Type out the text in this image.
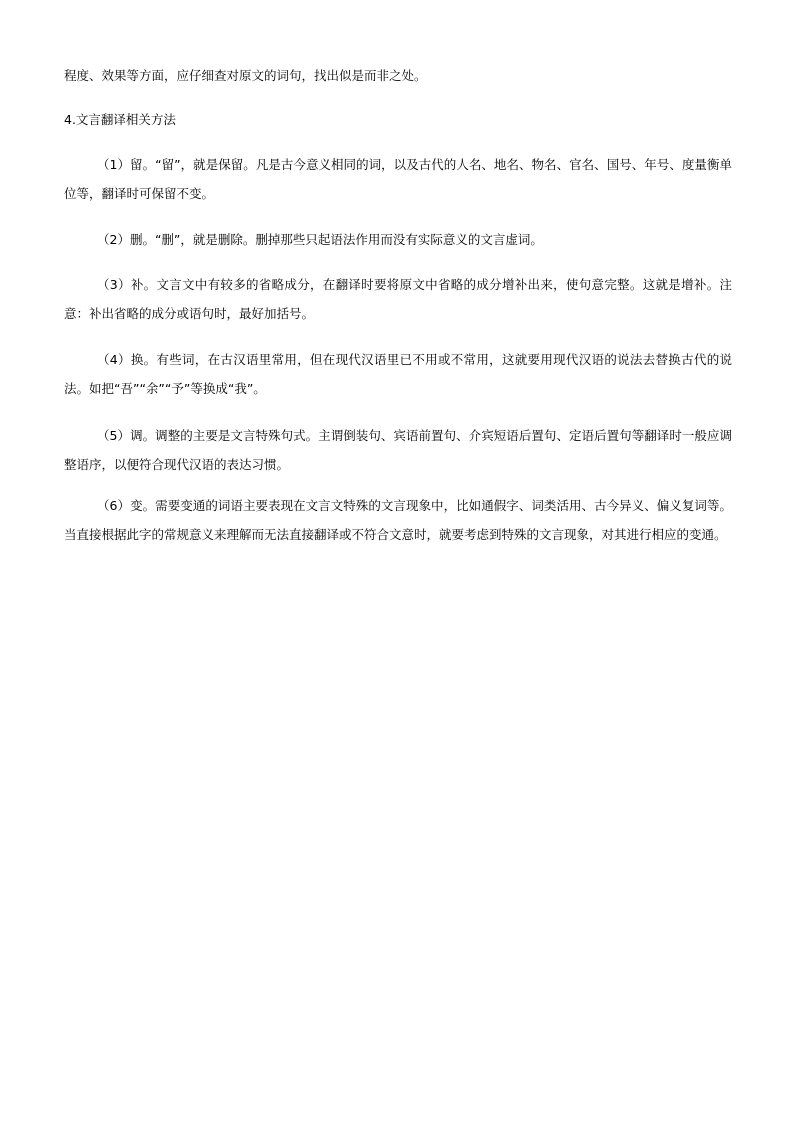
程度、效果等方面，应仔细查对原文的词句，找出似是而非之处。

4.文言翻译相关方法

（1）留。“留”，就是保留。凡是古今意义相同的词，以及古代的人名、地名、物名、官名、国号、年号、度量衡单位等，翻译时可保留不变。

（2）删。“删”，就是删除。删掉那些只起语法作用而没有实际意义的文言虚词。

（3）补。文言文中有较多的省略成分，在翻译时要将原文中省略的成分增补出来，使句意完整。这就是增补。注意：补出省略的成分或语句时，最好加括号。

（4）换。有些词，在古汉语里常用，但在现代汉语里已不用或不常用，这就要用现代汉语的说法去替换古代的说法。如把“吾”“余”“予”等换成“我”。

（5）调。调整的主要是文言特殊句式。主谓倒装句、宾语前置句、介宾短语后置句、定语后置句等翻译时一般应调整语序，以便符合现代汉语的表达习惯。

（6）变。需要变通的词语主要表现在文言文特殊的文言现象中，比如通假字、词类活用、古今异义、偏义复词等。当直接根据此字的常规意义来理解而无法直接翻译或不符合文意时，就要考虑到特殊的文言现象，对其进行相应的变通。
